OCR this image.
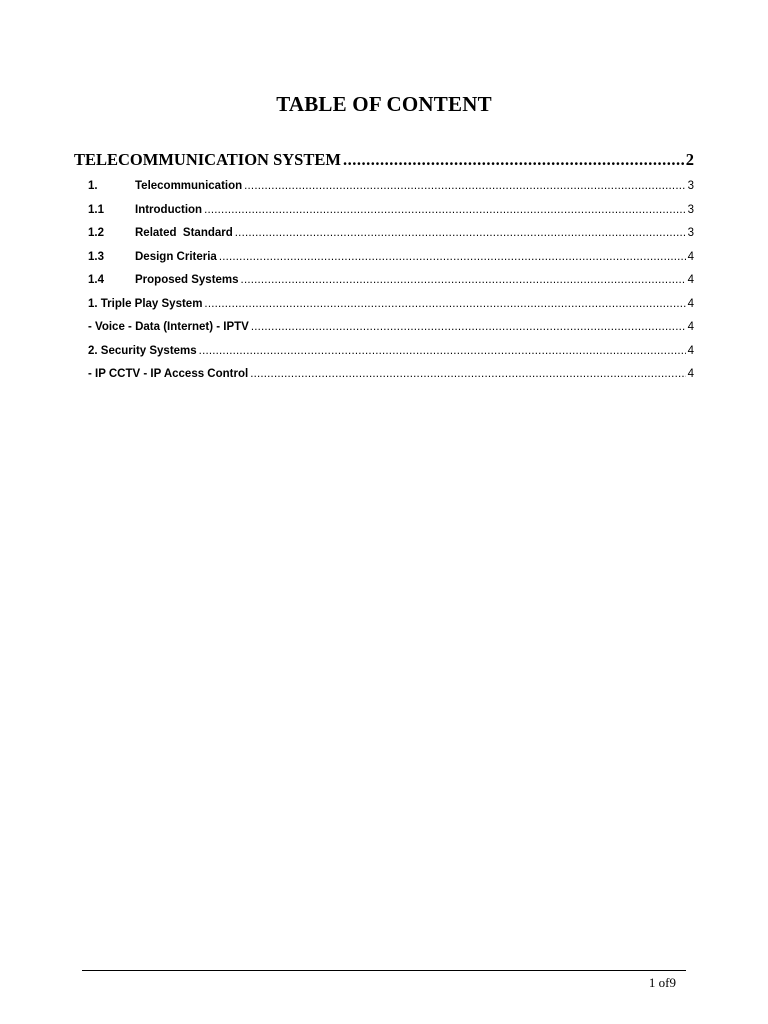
TABLE OF CONTENT
TELECOMMUNICATION SYSTEM .....	2
1.	Telecommunication .....	3
1.1	Introduction .....	3
1.2	Related  Standard .....	3
1.3	Design Criteria .....	4
1.4	Proposed Systems .....	4
1. Triple Play System .....	4
- Voice - Data (Internet) - IPTV .....	4
2. Security Systems .....	4
- IP CCTV - IP Access Control .....	4
1 of9
